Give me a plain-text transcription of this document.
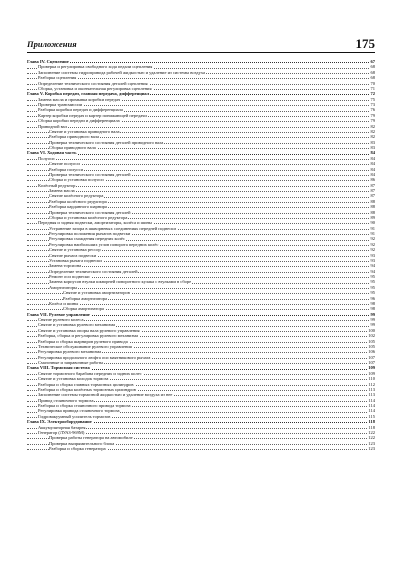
Приложения	175
Глава IV. Сцепление	67
Проверка и регулировка свободного хода педали сцепления	68
Заполнение системы гидропривода рабочей жидкостью и удаление из системы воздуха	68
Разборка сцепления	68
Определение технического состояния деталей сцепления	70
Сборка, установка и окончательная регулировка сцепления	71
Глава V. Коробка передач, главная передача, дифференциал	72
Замена масла и промывка коробки передач	75
Проверка трансмиссии	73
Разборка коробки передач и дифференциала	76
Картер коробки передач и картер понижающей передачи	79
Сборка коробки передач и дифференциала	79
Приводной вал	82
Снятие и установка приводного вала	82
Разборка приводного вала	82
Проверка технического состояния деталей приводного вала	83
Сборка приводного вала	83
Глава VI. Ходовая часть	84
Полуоси	84
Снятие полуоси	84
Разборка полуоси	84
Проверка технического состояния деталей	84
Сборка и установка полуоси	86
Колёсный редуктор	87
Замена масла	87
Снятие колёсного редуктора	87
Разборка колёсного редуктора	88
Разборка карданного шарнира	88
Проверка технического состояния деталей	88
Сборка и установка колёсного редуктора	89
Передняя и задняя подвески, амортизаторы, колёса и шины	90
Устранение зазора в шкворневых соединениях передней подвески	91
Регулировка положения рычагов подвески	91
Регулировка схождения передних колёс	92
Регулировка наибольших углов поворота передних колёс	92
Снятие и установка рессор	92
Снятие рычага подвески	93
Установка рычага подвески	93
Замена торсиона	94
Определение технического состояния деталей	94
Ремонт оси подвески	95
Замена корпусов втулки шкворней поворотного кулака с втулками в сборе	95
Амортизаторы	95
Снятие и установка амортизаторов	95
Разборка амортизатора	96
Колёса и шины	98
Сборка амортизатора	98
Глава VII. Рулевое управление	99
Снятие рулевого колеса	99
Снятие и установка рулевого механизма	99
Снятие и установка опоры вала рулевого управления	100
Разборка, сборка и регулировка рулевого механизма	102
Разборка и сборка шарниров рулевого привода	105
Техническое обслуживание рулевого управления	105
Регулировка рулевого механизма	106
Регулировка продольного люфта оси маятникового рычага	107
Смазочные и заправочные работы	107
Глава VIII. Тормозная система	109
Снятие тормозного барабана передних и задних колес	109
Снятие и установка колодок тормоза	110
Разборка и сборка главных тормозных цилиндров	112
Разборка и сборка колёсных тормозных цилиндров	113
Заполнение системы тормозной жидкостью и удаление воздуха из нее	113
Привод стояночного тормоза	114
Разборка и сборка стояночного привода тормоза	114
Регулировка привода стояночного тормоза	114
Гидровакуумный усилитель тормозов	115
Глава IX. Электрооборудование	118
Аккумуляторная батарея	118
Генератор (ЛУАЗ-969М)	122
Проверка работы генератора на автомобиле	122
Проверка выпрямительного блока	123
Разборка и сборка генератора	123
